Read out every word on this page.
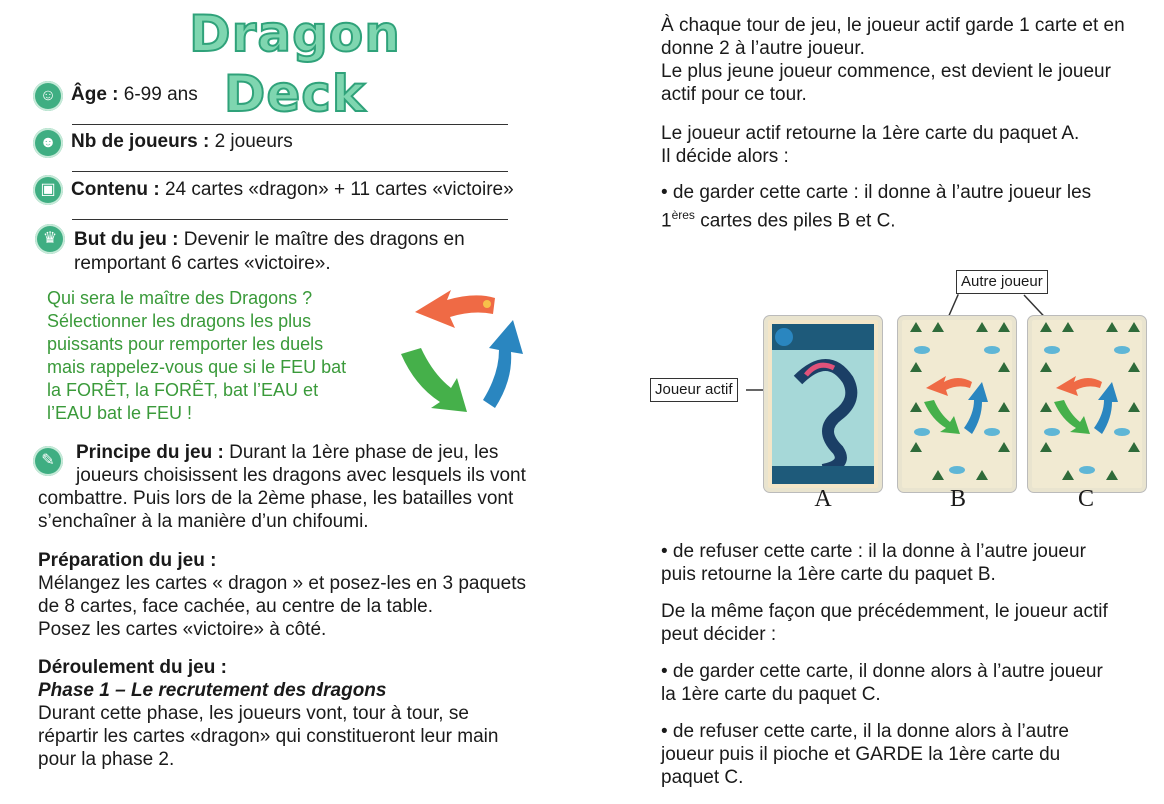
Dragon Deck
☺ Âge : 6-99 ans
☻ Nb de joueurs : 2 joueurs
▣ Contenu : 24 cartes «dragon» + 11 cartes «victoire»
♛ But du jeu : Devenir le maître des dragons en
remportant 6 cartes «victoire».
Qui sera le maître des Dragons ?
Sélectionner les dragons les plus
puissants pour remporter les duels
mais rappelez-vous que si le FEU bat
la FORÊT, la FORÊT, bat l’EAU et
l’EAU bat le FEU !
✎	Principe du jeu : Durant la 1ère phase de jeu, les
joueurs choisissent les dragons avec lesquels ils vont
combattre. Puis lors de la 2ème phase, les batailles vont
s’enchaîner à la manière d’un chifoumi.
Préparation du jeu :
Mélangez les cartes « dragon » et posez-les en 3 paquets
de 8 cartes, face cachée, au centre de la table.
Posez les cartes «victoire» à côté.
Déroulement du jeu :
Phase 1 – Le recrutement des dragons
Durant cette phase, les joueurs vont, tour à tour, se
répartir les cartes «dragon» qui constitueront leur main
pour la phase 2.
À chaque tour de jeu, le joueur actif garde 1 carte et en
donne 2 à l’autre joueur.
Le plus jeune joueur commence, est devient le joueur
actif pour ce tour.
Le joueur actif retourne la 1ère carte du paquet A.
Il décide alors :
• de garder cette carte : il donne à l’autre joueur les
1ères cartes des piles B et C.
Autre joueur
Joueur actif
A	B	C
• de refuser cette carte : il la donne à l’autre joueur
puis retourne la 1ère carte du paquet B.
De la même façon que précédemment, le joueur actif
peut décider :
• de garder cette carte, il donne alors à l’autre joueur
la 1ère carte du paquet C.
• de refuser cette carte, il la donne alors à l’autre
joueur puis il pioche et GARDE la 1ère carte du
paquet C.
